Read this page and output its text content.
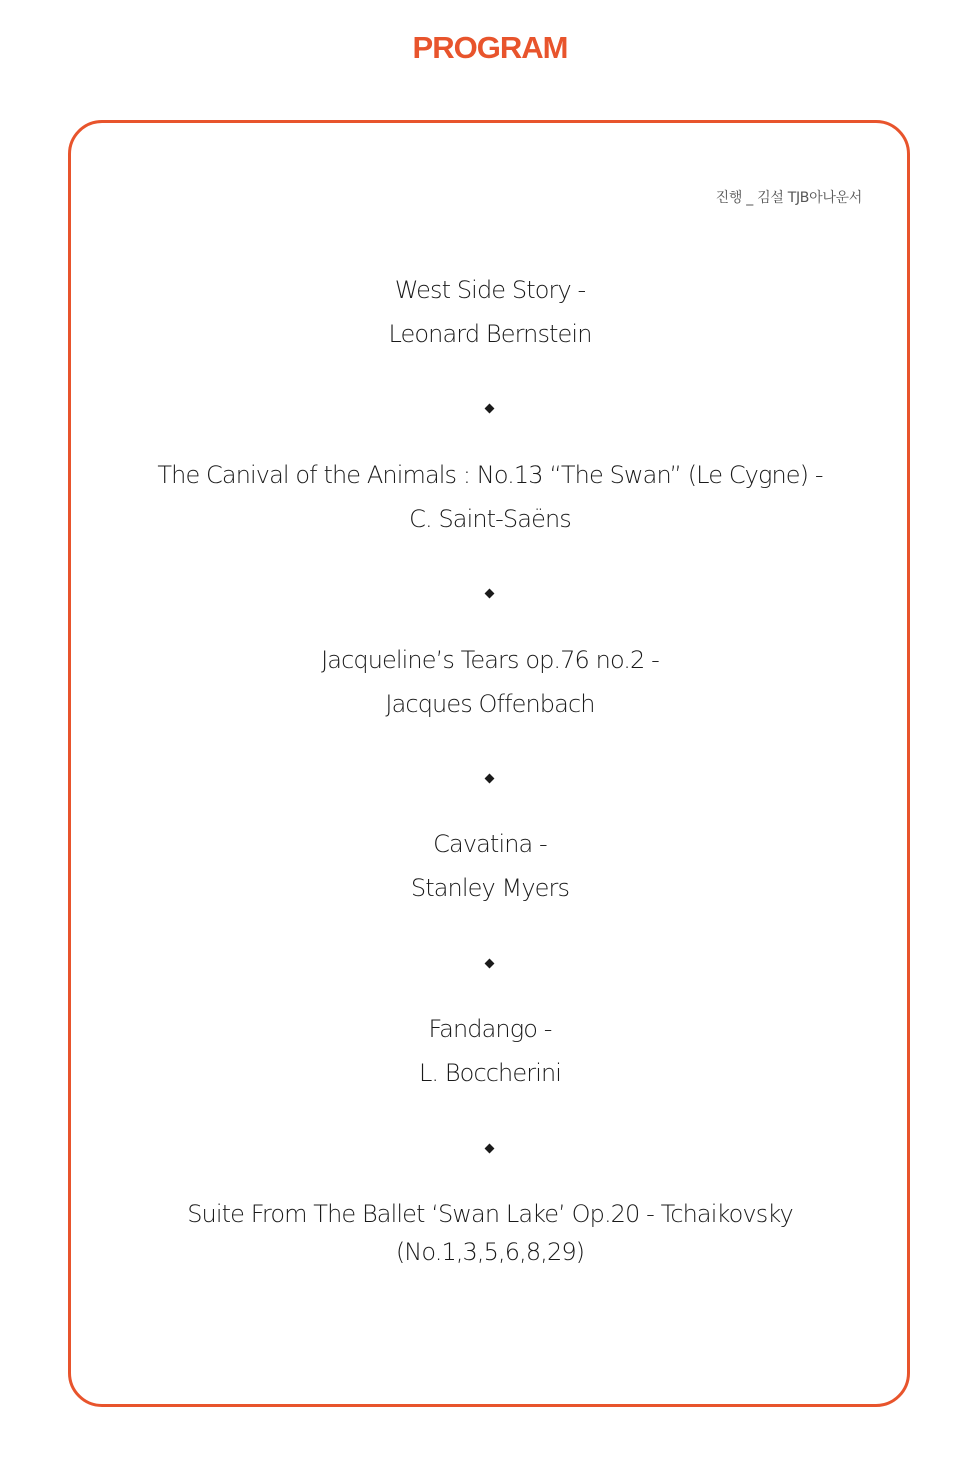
PROGRAM
진행 _ 김설 TJB아나운서
West Side Story -
Leonard Bernstein
The Canival of the Animals : No.13 “The Swan” (Le Cygne) -
C. Saint-Saëns
Jacqueline’s Tears op.76 no.2 -
Jacques Offenbach
Cavatina -
Stanley Myers
Fandango -
L. Boccherini
Suite From The Ballet ‘Swan Lake’ Op.20 - Tchaikovsky
(No.1,3,5,6,8,29)
